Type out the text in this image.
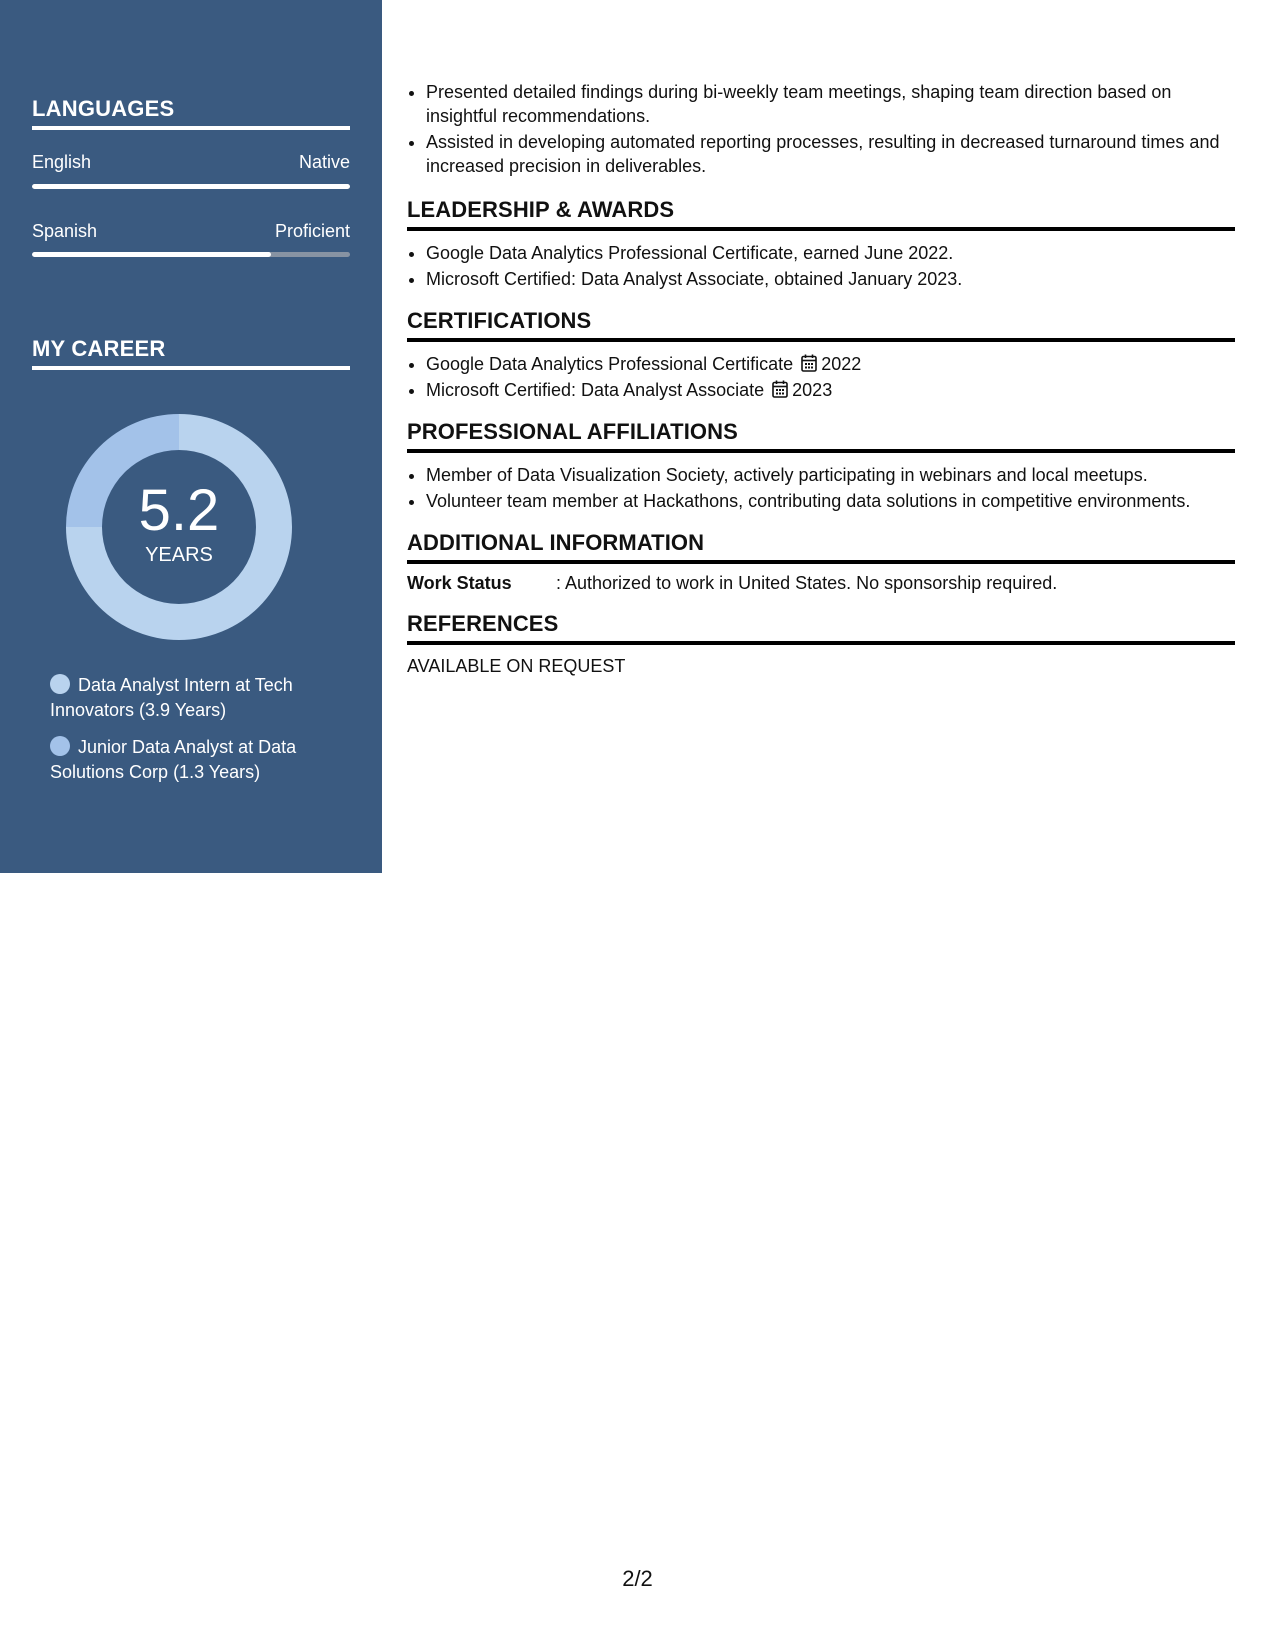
LANGUAGES
English	Native
Spanish	Proficient
MY CAREER
5.2
YEARS
Data Analyst Intern at Tech Innovators (3.9 Years)
Junior Data Analyst at Data Solutions Corp (1.3 Years)
• Presented detailed findings during bi-weekly team meetings, shaping team direction based on insightful recommendations.
• Assisted in developing automated reporting processes, resulting in decreased turnaround times and increased precision in deliverables.
LEADERSHIP & AWARDS
• Google Data Analytics Professional Certificate, earned June 2022.
• Microsoft Certified: Data Analyst Associate, obtained January 2023.
CERTIFICATIONS
• Google Data Analytics Professional Certificate 2022
• Microsoft Certified: Data Analyst Associate 2023
PROFESSIONAL AFFILIATIONS
• Member of Data Visualization Society, actively participating in webinars and local meetups.
• Volunteer team member at Hackathons, contributing data solutions in competitive environments.
ADDITIONAL INFORMATION
Work Status	: Authorized to work in United States. No sponsorship required.
REFERENCES
AVAILABLE ON REQUEST
2/2
